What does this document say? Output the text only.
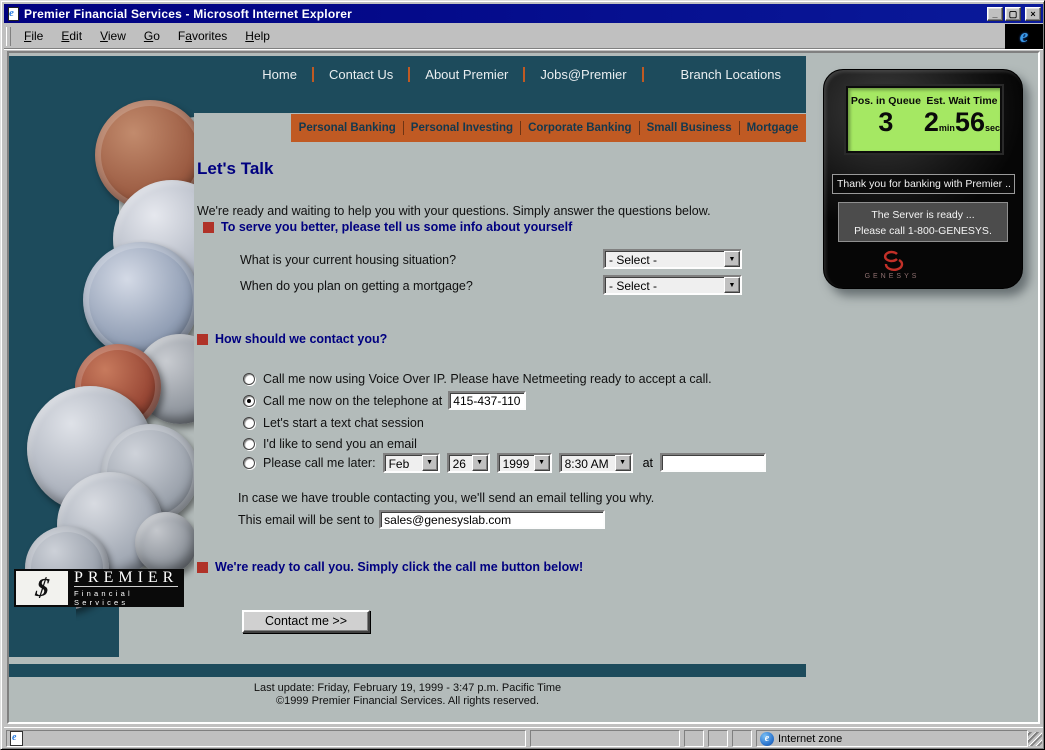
e Premier Financial Services - Microsoft Internet Explorer	_	▢	×
File	Edit	View	Go	Favorites	Help	e
Home	Contact Us	About Premier	Jobs@Premier	Branch Locations
Personal Banking	Personal Investing	Corporate Banking	Small Business	Mortgage
$ PREMIER
Financial Services
Let's Talk
We're ready and waiting to help you with your questions. Simply answer the questions below.
To serve you better, please tell us some info about yourself
What is your current housing situation?	- Select -	▼
When do you plan on getting a mortgage?	- Select -	▼
How should we contact you?
Call me now using Voice Over IP. Please have Netmeeting ready to accept a call.
Call me now on the telephone at
415-437-1100
Let's start a text chat session
I'd like to send you an email
Please call me later:	Feb	▼	26	▼	1999	▼	8:30 AM	▼	at
In case we have trouble contacting you, we'll send an email telling you why.
This email will be sent to
sales@genesyslab.com
We're ready to call you. Simply click the call me button below!
Contact me >>
Last update: Friday, February 19, 1999 - 3:47 p.m. Pacific Time
©1999 Premier Financial Services. All rights reserved.
Pos. in Queue
3
Est. Wait Time
2min56sec
Thank you for banking with Premier ..
The Server is ready ...
Please call 1-800-GENESYS.
GENESYS
e	e Internet zone
